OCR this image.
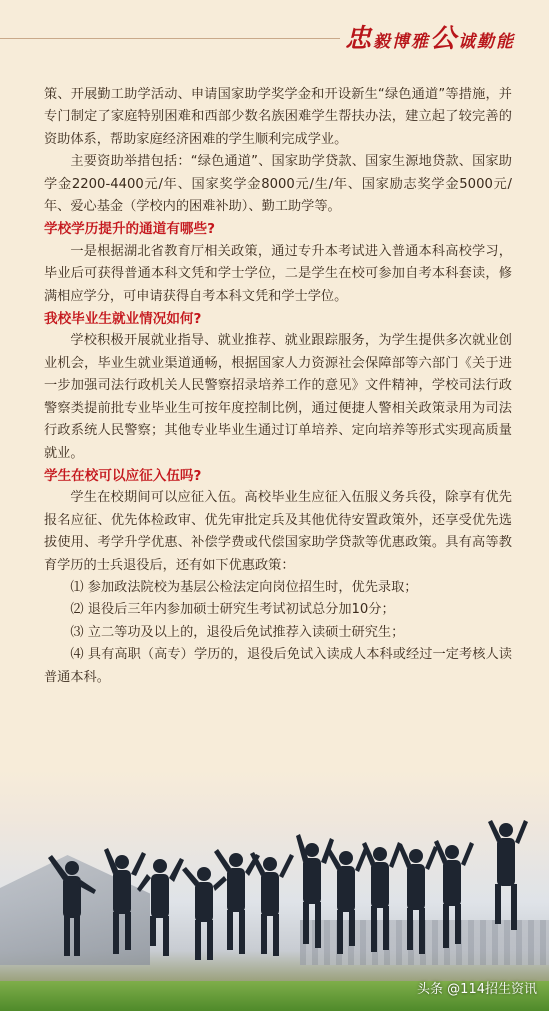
忠毅博雅公诚勤能

策、开展勤工助学活动、申请国家助学奖学金和开设新生“绿色通道”等措施，并专门制定了家庭特别困难和西部少数名族困难学生帮扶办法，建立起了较完善的资助体系，帮助家庭经济困难的学生顺利完成学业。

主要资助举措包括：“绿色通道”、国家助学贷款、国家生源地贷款、国家助学金2200-4400元/年、国家奖学金8000元/生/年、国家励志奖学金5000元/年、爱心基金（学校内的困难补助）、勤工助学等。

学校学历提升的通道有哪些?

一是根据湖北省教育厅相关政策，通过专升本考试进入普通本科高校学习，毕业后可获得普通本科文凭和学士学位，二是学生在校可参加自考本科套读，修满相应学分，可申请获得自考本科文凭和学士学位。

我校毕业生就业情况如何?

学校积极开展就业指导、就业推荐、就业跟踪服务，为学生提供多次就业创业机会，毕业生就业渠道通畅，根据国家人力资源社会保障部等六部门《关于进一步加强司法行政机关人民警察招录培养工作的意见》文件精神，学校司法行政警察类提前批专业毕业生可按年度控制比例，通过便捷人警相关政策录用为司法行政系统人民警察；其他专业毕业生通过订单培养、定向培养等形式实现高质量就业。

学生在校可以应征入伍吗?

学生在校期间可以应征入伍。高校毕业生应征入伍服义务兵役，除享有优先报名应征、优先体检政审、优先审批定兵及其他优待安置政策外，还享受优先选拔使用、考学升学优惠、补偿学费或代偿国家助学贷款等优惠政策。具有高等教育学历的士兵退役后，还有如下优惠政策：

⑴ 参加政法院校为基层公检法定向岗位招生时，优先录取；

⑵ 退役后三年内参加硕士研究生考试初试总分加10分；

⑶ 立二等功及以上的，退役后免试推荐入读硕士研究生；

⑷ 具有高职（高专）学历的，退役后免试入读成人本科或经过一定考核人读普通本科。

头条 @114招生资讯
